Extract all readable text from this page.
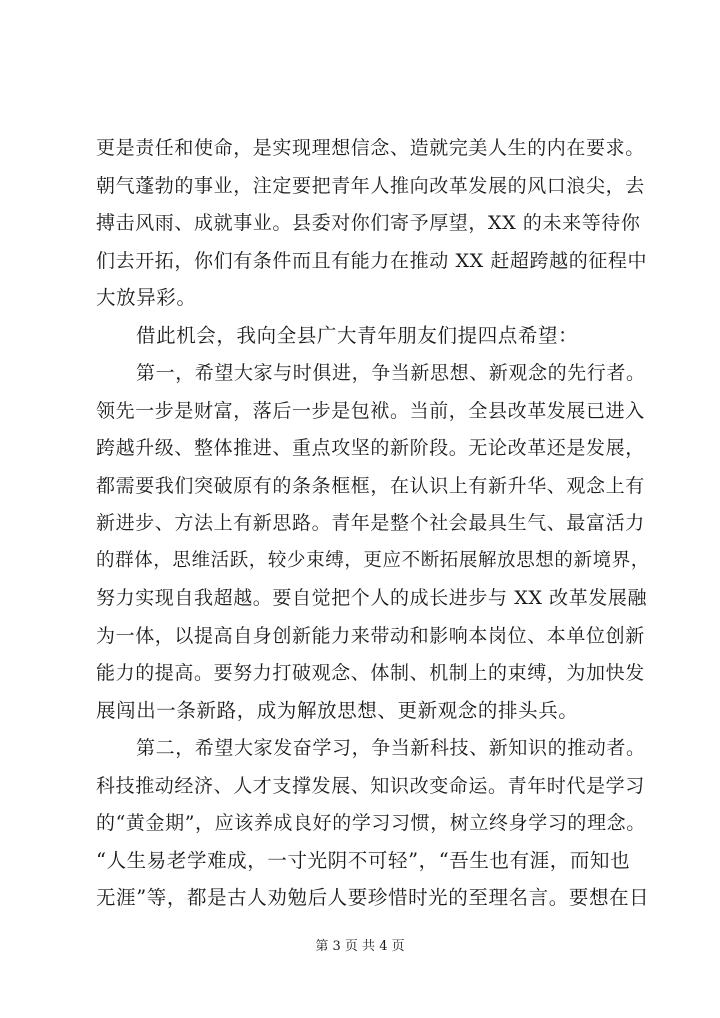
更是责任和使命，是实现理想信念、造就完美人生的内在要求。
朝气蓬勃的事业，注定要把青年人推向改革发展的风口浪尖，去
搏击风雨、成就事业。县委对你们寄予厚望，XX 的未来等待你
们去开拓，你们有条件而且有能力在推动 XX 赶超跨越的征程中
大放异彩。
借此机会，我向全县广大青年朋友们提四点希望：
第一，希望大家与时俱进，争当新思想、新观念的先行者。
领先一步是财富，落后一步是包袱。当前，全县改革发展已进入
跨越升级、整体推进、重点攻坚的新阶段。无论改革还是发展，
都需要我们突破原有的条条框框，在认识上有新升华、观念上有
新进步、方法上有新思路。青年是整个社会最具生气、最富活力
的群体，思维活跃，较少束缚，更应不断拓展解放思想的新境界，
努力实现自我超越。要自觉把个人的成长进步与 XX 改革发展融
为一体，以提高自身创新能力来带动和影响本岗位、本单位创新
能力的提高。要努力打破观念、体制、机制上的束缚，为加快发
展闯出一条新路，成为解放思想、更新观念的排头兵。
第二，希望大家发奋学习，争当新科技、新知识的推动者。
科技推动经济、人才支撑发展、知识改变命运。青年时代是学习
的“黄金期”，应该养成良好的学习习惯，树立终身学习的理念。
“人生易老学难成，一寸光阴不可轻”，“吾生也有涯，而知也
无涯”等，都是古人劝勉后人要珍惜时光的至理名言。要想在日
第 3 页 共 4 页
